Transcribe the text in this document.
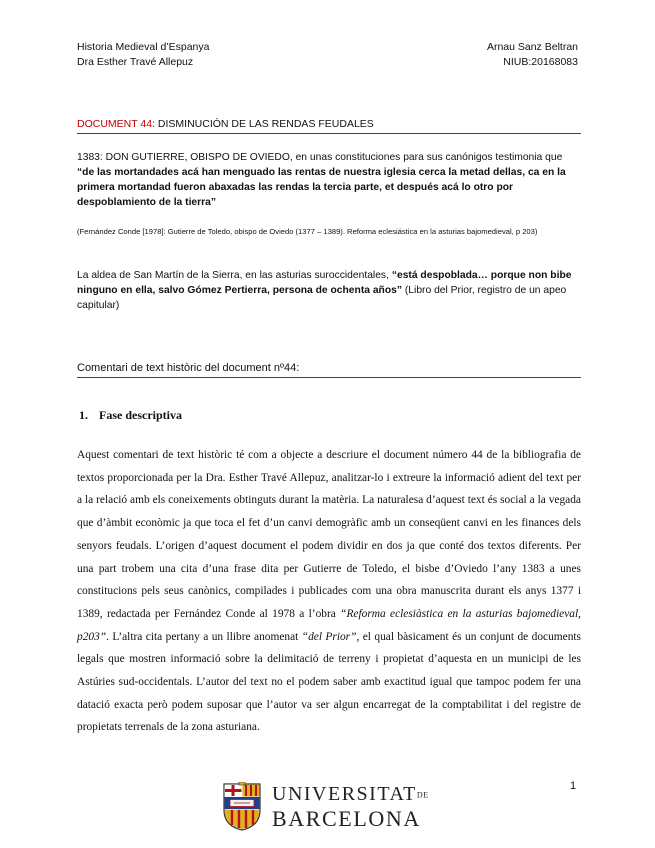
Historia Medieval d’Espanya
Dra Esther Travé Allepuz
Arnau Sanz Beltran
NIUB:20168083
DOCUMENT 44: DISMINUCIÓN DE LAS RENDAS FEUDALES
1383: DON GUTIERRE, OBISPO DE OVIEDO, en unas constituciones para sus canónigos testimonia que “de las mortandades acá han menguado las rentas de nuestra iglesia cerca la metad dellas, ca en la primera mortandad fueron abaxadas las rendas la tercia parte, et después acá lo otro por despoblamiento de la tierra”
(Fernández Conde [1978]: Gutierre de Toledo, obispo de Oviedo (1377 – 1389). Reforma eclesiástica en la asturias bajomedieval, p 203)
La aldea de San Martín de la Sierra, en las asturias suroccidentales, “está despoblada… porque non bibe ninguno en ella, salvo Gómez Pertierra, persona de ochenta años” (Libro del Prior, registro de un apeo capitular)
Comentari de text històric del document nº44:
1. Fase descriptiva
Aquest comentari de text històric té com a objecte a descriure el document número 44 de la bibliografia de textos proporcionada per la Dra. Esther Travé Allepuz, analitzar-lo i extreure la informació adient del text per a la relació amb els coneixements obtinguts durant la matèria. La naturalesa d’aquest text és social a la vegada que d’àmbit econòmic ja que toca el fet d’un canvi demogràfic amb un conseqüent canvi en les finances dels senyors feudals. L’origen d’aquest document el podem dividir en dos ja que conté dos textos diferents. Per una part trobem una cita d’una frase dita per Gutierre de Toledo, el bisbe d’Oviedo l’any 1383 a unes constitucions pels seus canònics, compilades i publicades com una obra manuscrita durant els anys 1377 i 1389, redactada per Fernández Conde al 1978 a l’obra “Reforma eclesiàstica en la asturias bajomedieval, p203”. L’altra cita pertany a un llibre anomenat “del Prior”, el qual bàsicament és un conjunt de documents legals que mostren informació sobre la delimitació de terreny i propietat d’aquesta en un municipi de les Astúries sud-occidentals. L’autor del text no el podem saber amb exactitud igual que tampoc podem fer una datació exacta però podem suposar que l’autor va ser algun encarregat de la comptabilitat i del registre de propietats terrenals de la zona asturiana.
1
UNIVERSITATDE
BARCELONA
